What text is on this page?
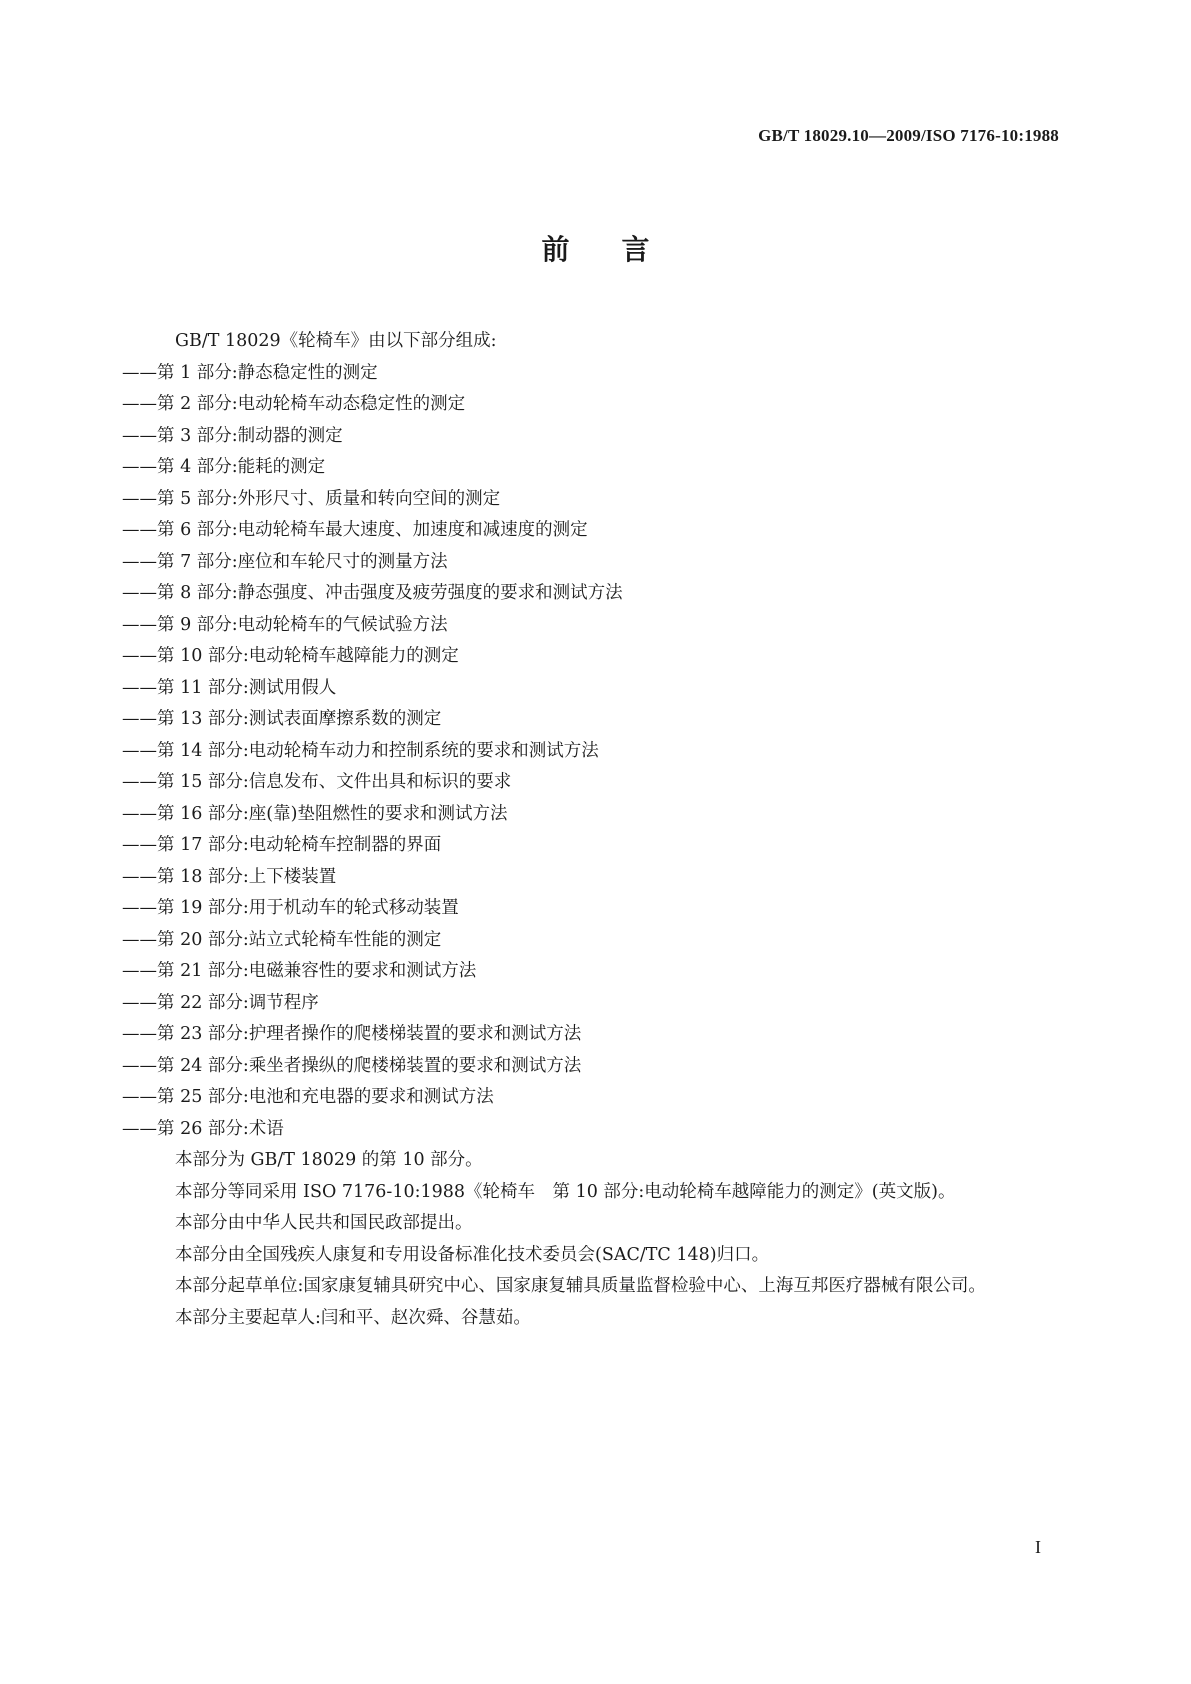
GB/T 18029.10—2009/ISO 7176-10:1988
前言
GB/T 18029《轮椅车》由以下部分组成:
——第 1 部分:静态稳定性的测定
——第 2 部分:电动轮椅车动态稳定性的测定
——第 3 部分:制动器的测定
——第 4 部分:能耗的测定
——第 5 部分:外形尺寸、质量和转向空间的测定
——第 6 部分:电动轮椅车最大速度、加速度和减速度的测定
——第 7 部分:座位和车轮尺寸的测量方法
——第 8 部分:静态强度、冲击强度及疲劳强度的要求和测试方法
——第 9 部分:电动轮椅车的气候试验方法
——第 10 部分:电动轮椅车越障能力的测定
——第 11 部分:测试用假人
——第 13 部分:测试表面摩擦系数的测定
——第 14 部分:电动轮椅车动力和控制系统的要求和测试方法
——第 15 部分:信息发布、文件出具和标识的要求
——第 16 部分:座(靠)垫阻燃性的要求和测试方法
——第 17 部分:电动轮椅车控制器的界面
——第 18 部分:上下楼装置
——第 19 部分:用于机动车的轮式移动装置
——第 20 部分:站立式轮椅车性能的测定
——第 21 部分:电磁兼容性的要求和测试方法
——第 22 部分:调节程序
——第 23 部分:护理者操作的爬楼梯装置的要求和测试方法
——第 24 部分:乘坐者操纵的爬楼梯装置的要求和测试方法
——第 25 部分:电池和充电器的要求和测试方法
——第 26 部分:术语
本部分为 GB/T 18029 的第 10 部分。
本部分等同采用 ISO 7176-10:1988《轮椅车　第 10 部分:电动轮椅车越障能力的测定》(英文版)。
本部分由中华人民共和国民政部提出。
本部分由全国残疾人康复和专用设备标准化技术委员会(SAC/TC 148)归口。
本部分起草单位:国家康复辅具研究中心、国家康复辅具质量监督检验中心、上海互邦医疗器械有限公司。
本部分主要起草人:闫和平、赵次舜、谷慧茹。
I
